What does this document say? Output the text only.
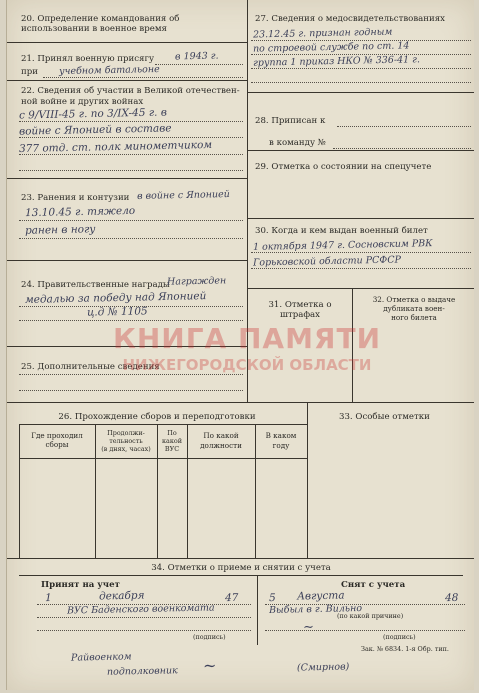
20. Определение командования об использовании в военное время
21. Принял военную присягу в 1943 г.
при учебном батальоне
22. Сведения об участии в Великой отечествен-
ной войне и других войнах
с 9/VIII-45 г. по 3/IX-45 г. в
войне с Японией в составе
377 отд. ст. полк минометчиком
23. Ранения и контузии в войне с Японией
13.10.45 г. тяжело
ранен в ногу
24. Правительственные награды
Награжден
медалью за победу над Японией
ц.д № 1105
25. Дополнительные сведения
27. Сведения о медосвидетельствованиях
23.12.45 г. признан годным
по строевой службе по ст. 14
группа 1 приказ НКО № 336-41 г.
28. Приписан к
в команду №
29. Отметка о состоянии на спецучете
30. Когда и кем выдан военный билет
1 октября 1947 г. Сосновским РВК
Горьковской области РСФСР
31. Отметка о
штрафах
32. Отметка о выдаче
дубликата воен-
ного билета
КНИГА ПАМЯТИ
НИЖЕГОРОДСКОЙ ОБЛАСТИ
26. Прохождение сборов и переподготовки
Где проходил сборы
Продолжи-
тельность
(в днях, часах)
По
какой
ВУС
По какой
должности
В каком
году
33. Особые отметки
34. Отметки о приеме и снятии с учета
Принят на учет
1	декабря	47
ВУС Баденского военкомата
(подпись)
Снят с учета
5 Августа	48
Выбыл в г. Вильно
(по какой причине)
~
(подпись)
Райвоенком
подполковник ~	(Смирнов)
Зак. № 6834. 1-я Обр. тип.
